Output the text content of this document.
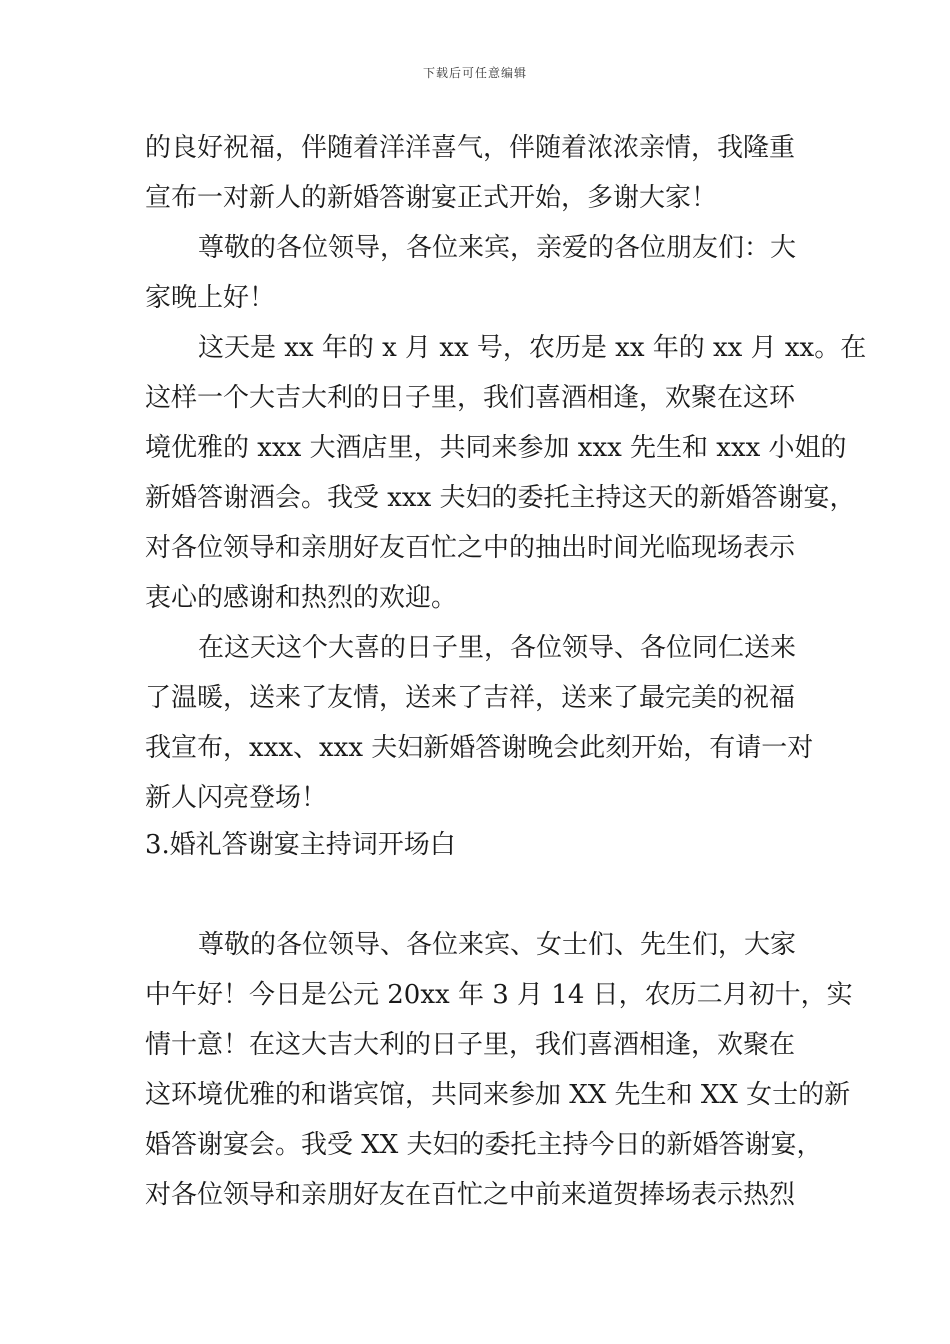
下载后可任意编辑
的良好祝福，伴随着洋洋喜气，伴随着浓浓亲情，我隆重
宣布一对新人的新婚答谢宴正式开始，多谢大家！
尊敬的各位领导，各位来宾，亲爱的各位朋友们：大
家晚上好！
这天是 xx 年的 x 月 xx 号，农历是 xx 年的 xx 月 xx。在
这样一个大吉大利的日子里，我们喜酒相逢，欢聚在这环
境优雅的 xxx 大酒店里，共同来参加 xxx 先生和 xxx 小姐的
新婚答谢酒会。我受 xxx 夫妇的委托主持这天的新婚答谢宴，
对各位领导和亲朋好友百忙之中的抽出时间光临现场表示
衷心的感谢和热烈的欢迎。
在这天这个大喜的日子里，各位领导、各位同仁送来
了温暖，送来了友情，送来了吉祥，送来了最完美的祝福
我宣布，xxx、xxx 夫妇新婚答谢晚会此刻开始，有请一对
新人闪亮登场！
3.婚礼答谢宴主持词开场白
尊敬的各位领导、各位来宾、女士们、先生们，大家
中午好！今日是公元 20xx 年 3 月 14 日，农历二月初十，实
情十意！在这大吉大利的日子里，我们喜酒相逢，欢聚在
这环境优雅的和谐宾馆，共同来参加 XX 先生和 XX 女士的新
婚答谢宴会。我受 XX 夫妇的委托主持今日的新婚答谢宴，
对各位领导和亲朋好友在百忙之中前来道贺捧场表示热烈
